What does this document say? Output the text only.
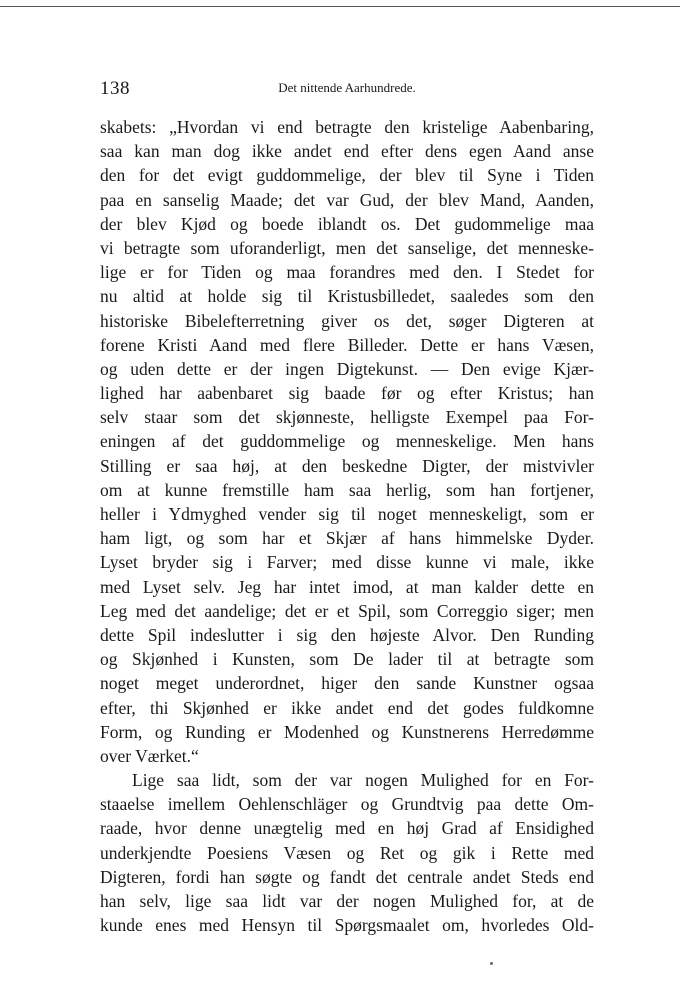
138	Det nittende Aarhundrede.
skabets: „Hvordan vi end betragte den kristelige Aabenbaring,
saa kan man dog ikke andet end efter dens egen Aand anse
den for det evigt guddommelige, der blev til Syne i Tiden
paa en sanselig Maade; det var Gud, der blev Mand, Aanden,
der blev Kjød og boede iblandt os. Det gudommelige maa
vi betragte som uforanderligt, men det sanselige, det menneske-
lige er for Tiden og maa forandres med den. I Stedet for
nu altid at holde sig til Kristusbilledet, saaledes som den
historiske Bibelefterretning giver os det, søger Digteren at
forene Kristi Aand med flere Billeder. Dette er hans Væsen,
og uden dette er der ingen Digtekunst. — Den evige Kjær-
lighed har aabenbaret sig baade før og efter Kristus; han
selv staar som det skjønneste, helligste Exempel paa For-
eningen af det guddommelige og menneskelige. Men hans
Stilling er saa høj, at den beskedne Digter, der mistvivler
om at kunne fremstille ham saa herlig, som han fortjener,
heller i Ydmyghed vender sig til noget menneskeligt, som er
ham ligt, og som har et Skjær af hans himmelske Dyder.
Lyset bryder sig i Farver; med disse kunne vi male, ikke
med Lyset selv. Jeg har intet imod, at man kalder dette en
Leg med det aandelige; det er et Spil, som Correggio siger; men
dette Spil indeslutter i sig den højeste Alvor. Den Runding
og Skjønhed i Kunsten, som De lader til at betragte som
noget meget underordnet, higer den sande Kunstner ogsaa
efter, thi Skjønhed er ikke andet end det godes fuldkomne
Form, og Runding er Modenhed og Kunstnerens Herredømme
over Værket.“
Lige saa lidt, som der var nogen Mulighed for en For-
staaelse imellem Oehlenschläger og Grundtvig paa dette Om-
raade, hvor denne unægtelig med en høj Grad af Ensidighed
underkjendte Poesiens Væsen og Ret og gik i Rette med
Digteren, fordi han søgte og fandt det centrale andet Steds end
han selv, lige saa lidt var der nogen Mulighed for, at de
kunde enes med Hensyn til Spørgsmaalet om, hvorledes Old-
